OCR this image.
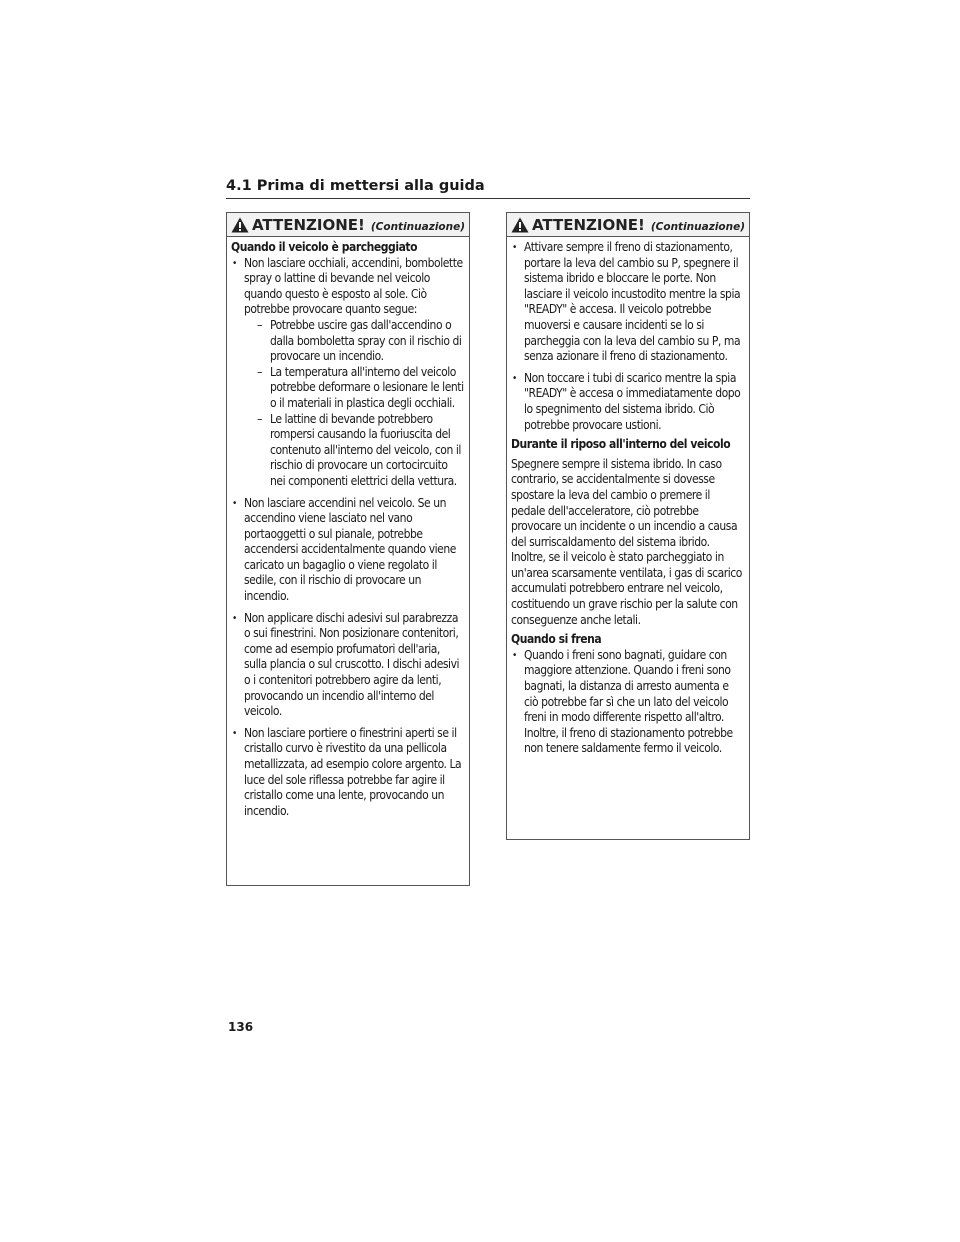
4.1 Prima di mettersi alla guida
ATTENZIONE! (Continuazione)

Quando il veicolo è parcheggiato

• Non lasciare occhiali, accendini, bombolette spray o lattine di bevande nel veicolo quando questo è esposto al sole. Ciò potrebbe provocare quanto segue:

– Potrebbe uscire gas dall'accendino o dalla bomboletta spray con il rischio di provocare un incendio.

– La temperatura all'interno del veicolo potrebbe deformare o lesionare le lenti o il materiali in plastica degli occhiali.

– Le lattine di bevande potrebbero rompersi causando la fuoriuscita del contenuto all'interno del veicolo, con il rischio di provocare un cortocircuito nei componenti elettrici della vettura.

• Non lasciare accendini nel veicolo. Se un accendino viene lasciato nel vano portaoggetti o sul pianale, potrebbe accendersi accidentalmente quando viene caricato un bagaglio o viene regolato il sedile, con il rischio di provocare un incendio.

• Non applicare dischi adesivi sul parabrezza o sui finestrini. Non posizionare contenitori, come ad esempio profumatori dell'aria, sulla plancia o sul cruscotto. I dischi adesivi o i contenitori potrebbero agire da lenti, provocando un incendio all'interno del veicolo.

• Non lasciare portiere o finestrini aperti se il cristallo curvo è rivestito da una pellicola metallizzata, ad esempio colore argento. La luce del sole riflessa potrebbe far agire il cristallo come una lente, provocando un incendio.

ATTENZIONE! (Continuazione)

• Attivare sempre il freno di stazionamento, portare la leva del cambio su P, spegnere il sistema ibrido e bloccare le porte. Non lasciare il veicolo incustodito mentre la spia "READY" è accesa. Il veicolo potrebbe muoversi e causare incidenti se lo si parcheggia con la leva del cambio su P, ma senza azionare il freno di stazionamento.

• Non toccare i tubi di scarico mentre la spia "READY" è accesa o immediatamente dopo lo spegnimento del sistema ibrido. Ciò potrebbe provocare ustioni.

Durante il riposo all'interno del veicolo

Spegnere sempre il sistema ibrido. In caso contrario, se accidentalmente si dovesse spostare la leva del cambio o premere il pedale dell'acceleratore, ciò potrebbe provocare un incidente o un incendio a causa del surriscaldamento del sistema ibrido. Inoltre, se il veicolo è stato parcheggiato in un'area scarsamente ventilata, i gas di scarico accumulati potrebbero entrare nel veicolo, costituendo un grave rischio per la salute con conseguenze anche letali.

Quando si frena

• Quando i freni sono bagnati, guidare con maggiore attenzione. Quando i freni sono bagnati, la distanza di arresto aumenta e ciò potrebbe far sì che un lato del veicolo freni in modo differente rispetto all'altro. Inoltre, il freno di stazionamento potrebbe non tenere saldamente fermo il veicolo.

136
